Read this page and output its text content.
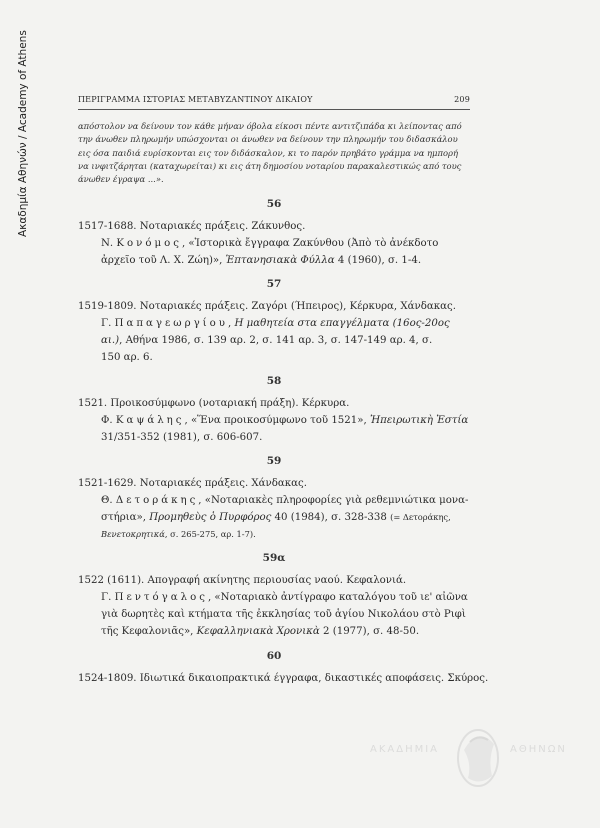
Ακαδημία Αθηνών / Academy of Athens	ΠΕΡΙΓΡΑΜΜΑ ΙΣΤΟΡΙΑΣ ΜΕΤΑΒΥΖΑΝΤΙΝΟΥ ΔΙΚΑΙΟΥ	209
απόστολον να δείνουν τον κάθε μήναν όβολα είκοσι πέντε αντιτζιπάδα κι λείποντας από
την άνωθεν πληρωμήν υπώσχονται οι άνωθεν να δείνουν την πληρωμήν του διδασκάλου
εις όσα παιδιά ευρίσκονται εις τον διδάσκαλον, κι το παρόν πρηβάτο γράμμα να ημπορή
να ινφιτζάρηται (καταχωρείται) κι εις άτη δημοσίου νοταρίου παρακαλεστικώς από τους
άνωθεν έγραψα ...».
56
1517-1688. Νοταριακές πράξεις. Ζάκυνθος.
Ν. Κονόμος, «Ἱστορικὰ ἔγγραφα Ζακύνθου (Ἀπὸ τὸ ἀνέκδοτο
ἀρχεῖο τοῦ Λ. Χ. Ζώη)», Ἑπτανησιακὰ Φύλλα 4 (1960), σ. 1-4.
57
1519-1809. Νοταριακές πράξεις. Ζαγόρι (Ήπειρος), Κέρκυρα, Χάνδακας.
Γ. Παπαγεωργίου, Η μαθητεία στα επαγγέλματα (16ος-20ος
αι.), Αθήνα 1986, σ. 139 αρ. 2, σ. 141 αρ. 3, σ. 147-149 αρ. 4, σ.
150 αρ. 6.
58
1521. Προικοσύμφωνο (νοταριακή πράξη). Κέρκυρα.
Φ. Καψάλης, «Ἕνα προικοσύμφωνο τοῦ 1521», Ἠπειρωτικὴ Ἑστία
31/351-352 (1981), σ. 606-607.
59
1521-1629. Νοταριακές πράξεις. Χάνδακας.
Θ. Δετοράκης, «Νοταριακὲς πληροφορίες γιὰ ρεθεμνιώτικα μονα-
στήρια», Προμηθεὺς ὁ Πυρφόρος 40 (1984), σ. 328-338 (= Δετοράκης,
Βενετοκρητικά, σ. 265-275, αρ. 1-7).
59α
1522 (1611). Απογραφή ακίνητης περιουσίας ναού. Κεφαλονιά.
Γ. Πεντόγαλος, «Νοταριακὸ ἀντίγραφο καταλόγου τοῦ ιε' αἰῶνα
γιὰ δωρητὲς καὶ κτήματα τῆς ἐκκλησίας τοῦ ἁγίου Νικολάου στὸ Ριφὶ
τῆς Κεφαλονιᾶς», Κεφαλληνιακὰ Χρονικὰ 2 (1977), σ. 48-50.
60
1524-1809. Ιδιωτικά δικαιοπρακτικά έγγραφα, δικαστικές αποφάσεις. Σκύρος.
ΑΚΑΔΗΜΙΑ	ΑΘΗΝΩΝ
